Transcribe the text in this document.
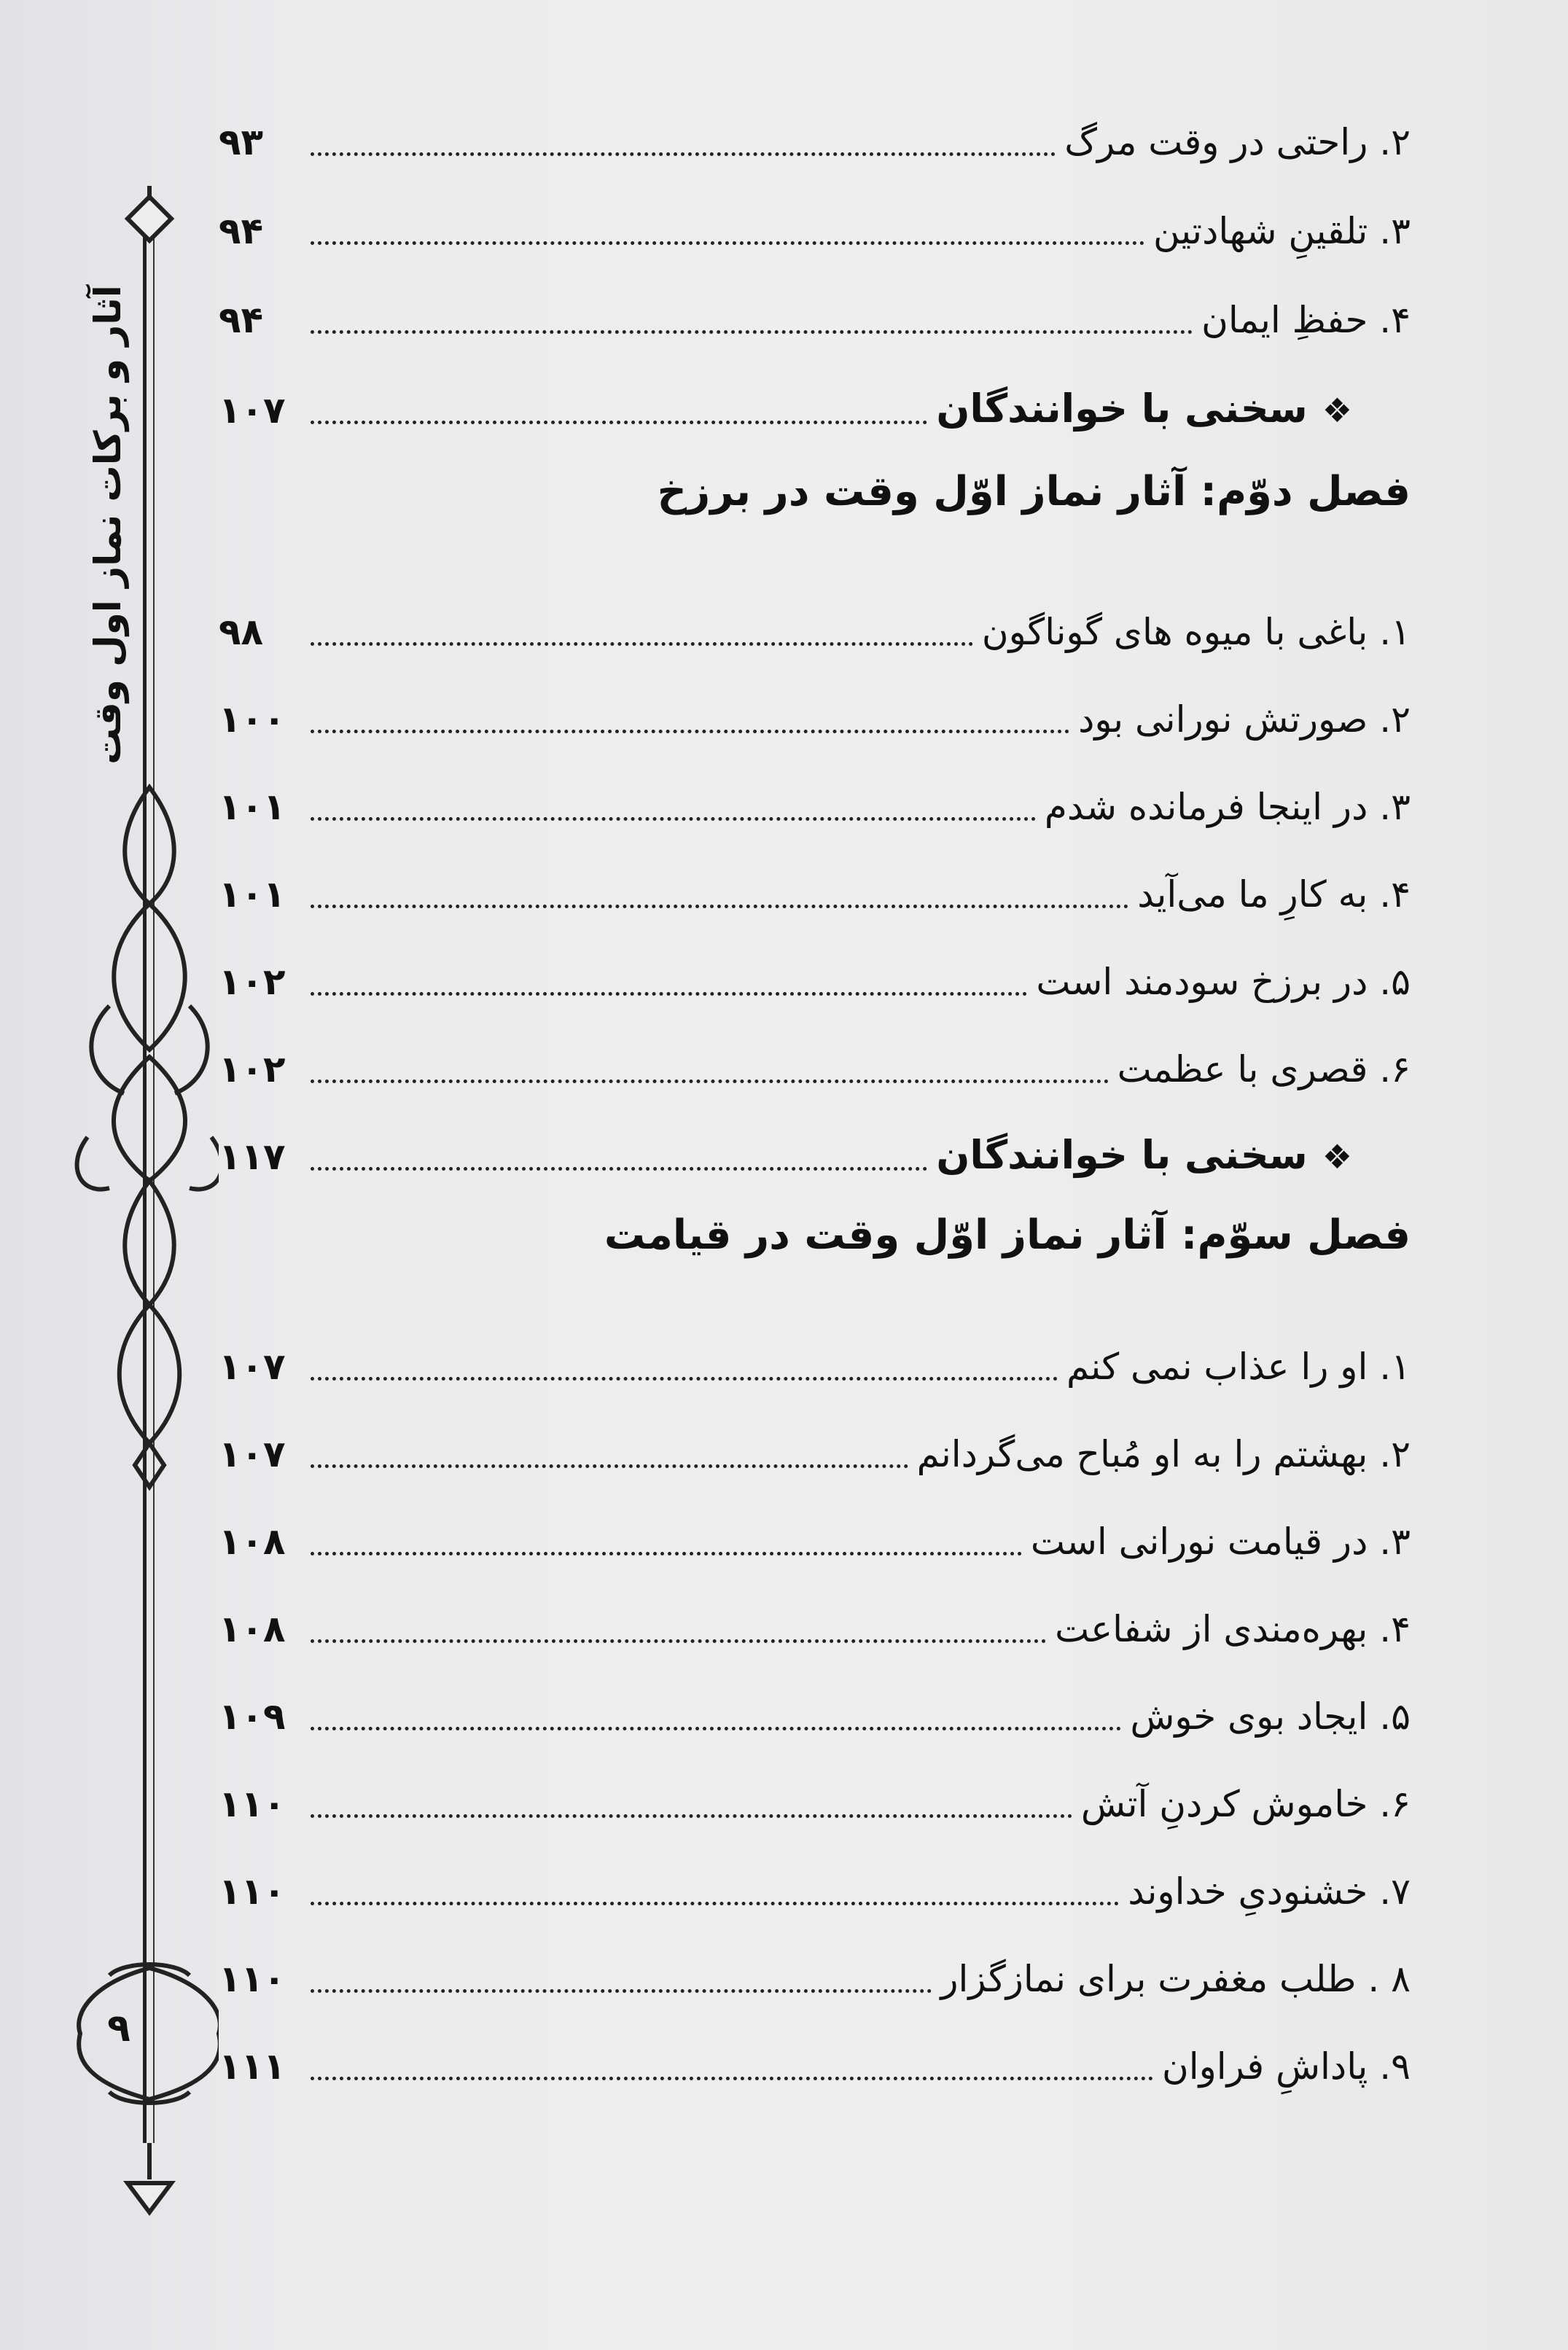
آثار و برکات نماز اول وقت
۹
۲. راحتی در وقت مرگ
۹۳
۳. تلقینِ شهادتین
۹۴
۴. حفظِ ایمان
۹۴
❖سخنی با خوانندگان
۱۰۷
فصل دوّم: آثار نماز اوّل وقت در برزخ
۱. باغی با میوه های گوناگون
۹۸
۲. صورتش نورانی بود
۱۰۰
۳. در اینجا فرمانده شدم
۱۰۱
۴. به کارِ ما می‌آید
۱۰۱
۵. در برزخ سودمند است
۱۰۲
۶. قصری با عظمت
۱۰۲
❖سخنی با خوانندگان
۱۱۷
فصل سوّم: آثار نماز اوّل وقت در قیامت
۱. او را عذاب نمی کنم
۱۰۷
۲. بهشتم را به او مُباح می‌گردانم
۱۰۷
۳. در قیامت نورانی است
۱۰۸
۴. بهره‌مندی از شفاعت
۱۰۸
۵. ایجاد بوی خوش
۱۰۹
۶. خاموش کردنِ آتش
۱۱۰
۷. خشنودیِ خداوند
۱۱۰
۸ . طلب مغفرت برای نمازگزار
۱۱۰
۹. پاداشِ فراوان
۱۱۱
